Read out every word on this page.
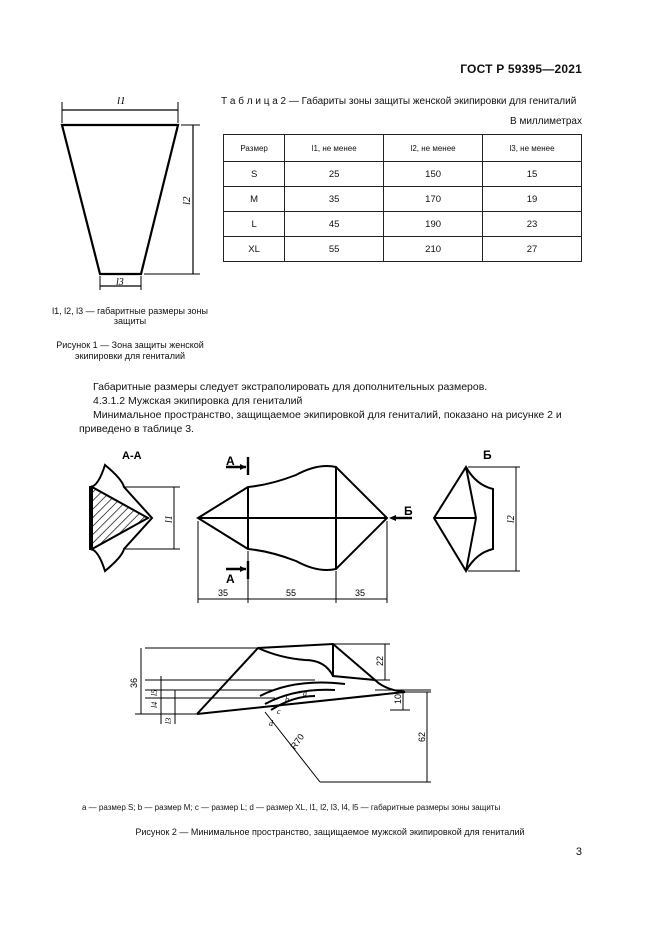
ГОСТ Р 59395—2021
l1
l2
l3
l1, l2, l3 — габаритные размеры зоны защиты
Рисунок 1 — Зона защиты женской экипировки для гениталий
Т а б л и ц а 2 — Габариты зоны защиты женской экипировки для гениталий
В миллиметрах
Размер	l1, не менее	l2, не менее	l3, не менее
S	25	150	15
M	35	170	19
L	45	190	23
XL	55	210	27
Габаритные размеры следует экстраполировать для дополнительных размеров.
4.3.1.2 Мужская экипировка для гениталий
Минимальное пространство, защищаемое экипировкой для гениталий, показано на рисунке 2 и приведено в таблице 3.
А-А
l1
А
А
Б
35	55	35
Б
l2
36
22
10
62
R70
l5
l4
l3
a
b
c
d
a — размер S; b — размер M; c — размер L; d — размер XL, l1, l2, l3, l4, l5 — габаритные размеры зоны защиты
Рисунок 2 — Минимальное пространство, защищаемое мужской экипировкой для гениталий
3
